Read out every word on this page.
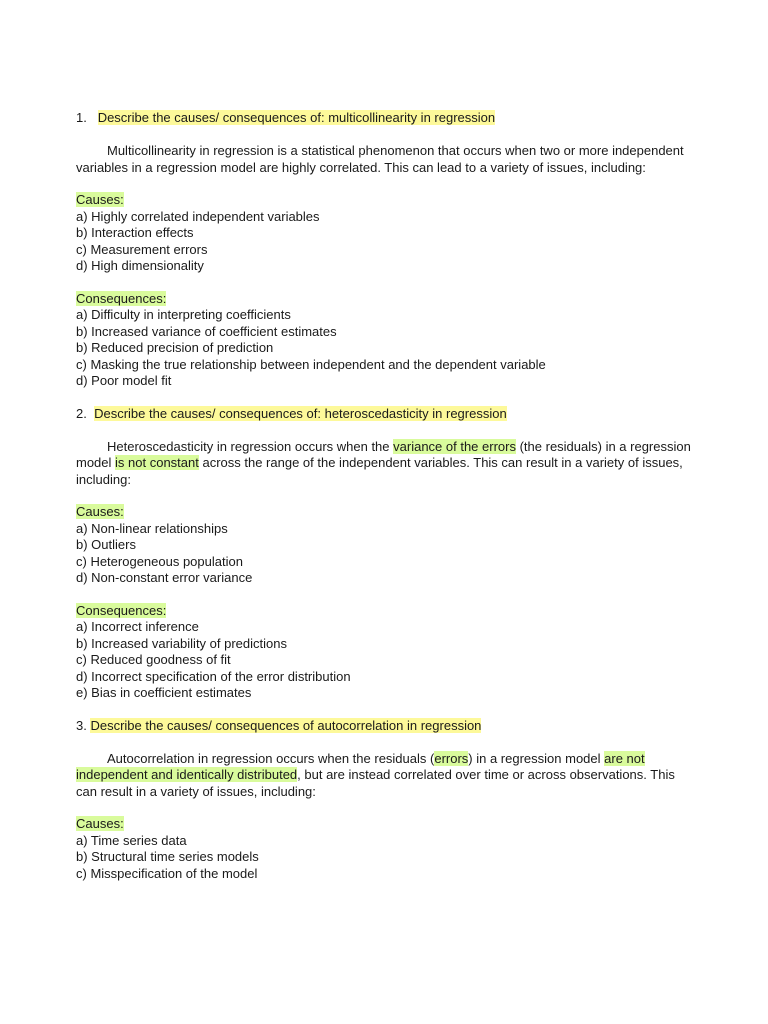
1. Describe the causes/ consequences of: multicollinearity in regression

Multicollinearity in regression is a statistical phenomenon that occurs when two or more independent variables in a regression model are highly correlated. This can lead to a variety of issues, including:

Causes:

a) Highly correlated independent variables
b) Interaction effects
c) Measurement errors
d) High dimensionality

Consequences:

a) Difficulty in interpreting coefficients
b) Increased variance of coefficient estimates
b) Reduced precision of prediction
c) Masking the true relationship between independent and the dependent variable
d) Poor model fit
2. Describe the causes/ consequences of: heteroscedasticity in regression

Heteroscedasticity in regression occurs when the variance of the errors (the residuals) in a regression model is not constant across the range of the independent variables. This can result in a variety of issues, including:

Causes:

a) Non-linear relationships
b) Outliers
c) Heterogeneous population
d) Non-constant error variance

Consequences:

a) Incorrect inference
b) Increased variability of predictions
c) Reduced goodness of fit
d) Incorrect specification of the error distribution
e) Bias in coefficient estimates
3. Describe the causes/ consequences of autocorrelation in regression

Autocorrelation in regression occurs when the residuals (errors) in a regression model are not independent and identically distributed, but are instead correlated over time or across observations. This can result in a variety of issues, including:

Causes:

a) Time series data
b) Structural time series models
c) Misspecification of the model
